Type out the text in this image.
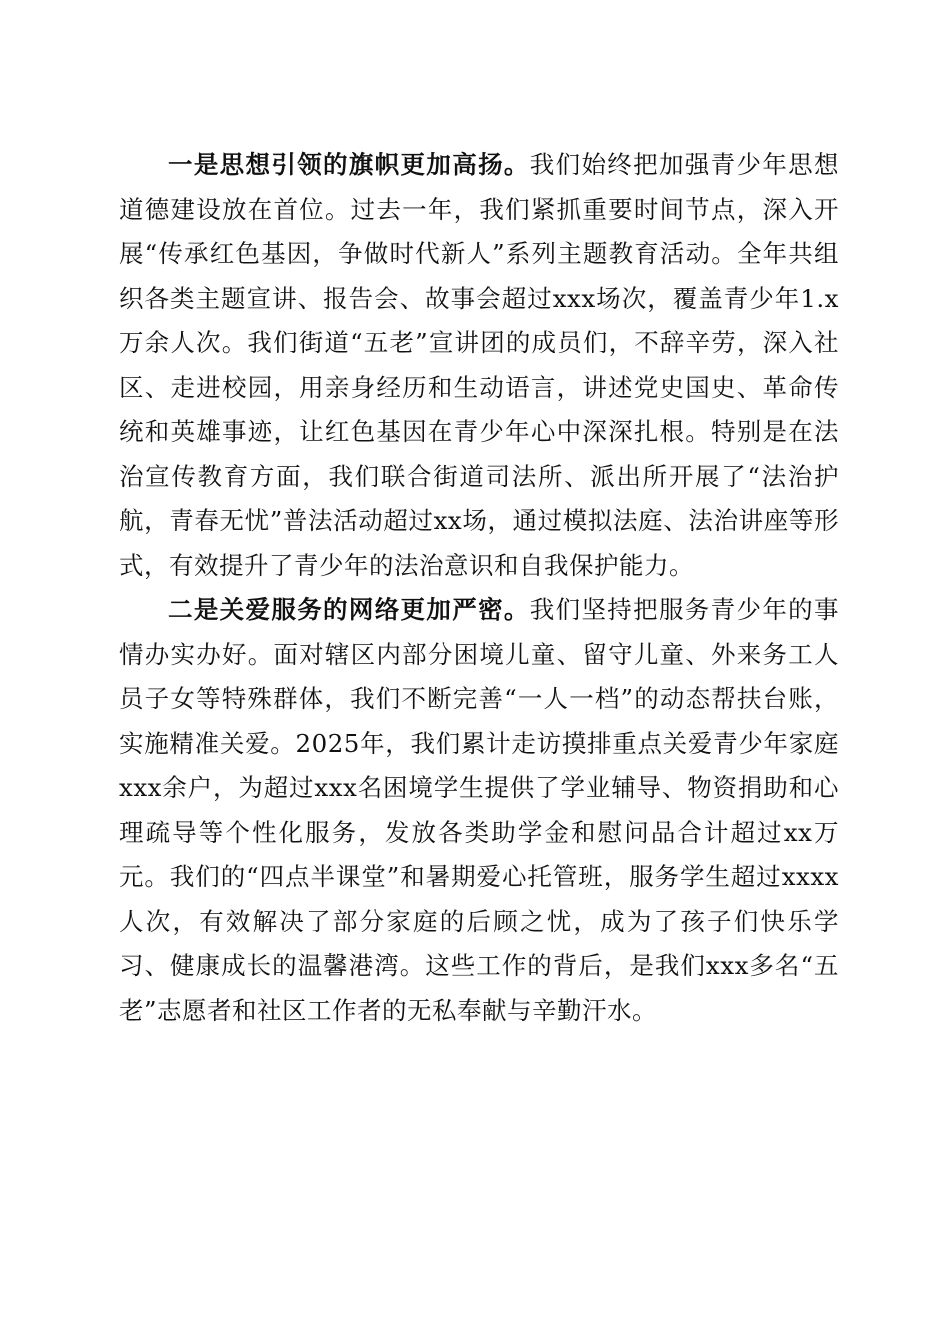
一是思想引领的旗帜更加高扬。我们始终把加强青少年思想道德建设放在首位。过去一年，我们紧抓重要时间节点，深入开展“传承红色基因，争做时代新人”系列主题教育活动。全年共组织各类主题宣讲、报告会、故事会超过xxx场次，覆盖青少年1.x万余人次。我们街道“五老”宣讲团的成员们，不辞辛劳，深入社区、走进校园，用亲身经历和生动语言，讲述党史国史、革命传统和英雄事迹，让红色基因在青少年心中深深扎根。特别是在法治宣传教育方面，我们联合街道司法所、派出所开展了“法治护航，青春无忧”普法活动超过xx场，通过模拟法庭、法治讲座等形式，有效提升了青少年的法治意识和自我保护能力。

二是关爱服务的网络更加严密。我们坚持把服务青少年的事情办实办好。面对辖区内部分困境儿童、留守儿童、外来务工人员子女等特殊群体，我们不断完善“一人一档”的动态帮扶台账，实施精准关爱。2025年，我们累计走访摸排重点关爱青少年家庭xxx余户，为超过xxx名困境学生提供了学业辅导、物资捐助和心理疏导等个性化服务，发放各类助学金和慰问品合计超过xx万元。我们的“四点半课堂”和暑期爱心托管班，服务学生超过xxxx人次，有效解决了部分家庭的后顾之忧，成为了孩子们快乐学习、健康成长的温馨港湾。这些工作的背后，是我们xxx多名“五老”志愿者和社区工作者的无私奉献与辛勤汗水。
